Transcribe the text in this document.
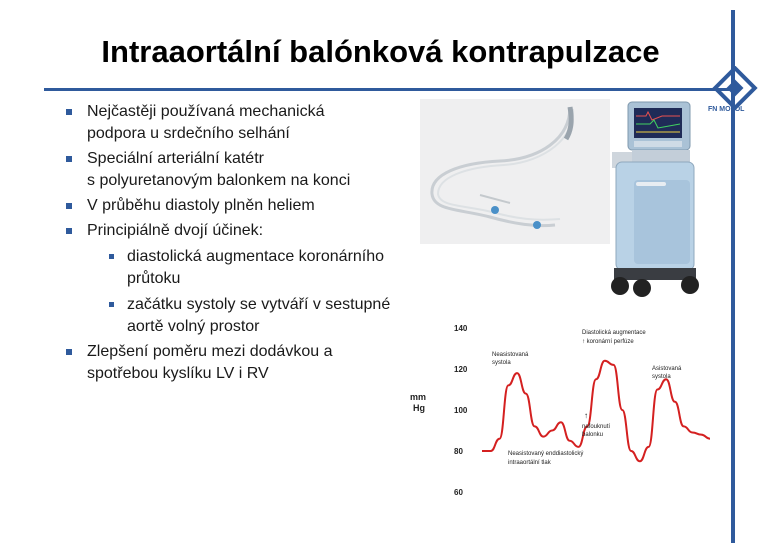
Intraaortální balónková kontrapulzace
FN MOTOL
Nejčastěji používaná mechanická
podpora u srdečního selhání
Speciální arteriální katétr
s polyuretanovým balonkem na konci
V průběhu diastoly plněn heliem
Principiálně dvojí účinek:
diastolická augmentace koronárního
průtoku
začátku systoly se vytváří v sestupné
aortě volný prostor
Zlepšení poměru mezi dodávkou a
spotřebou kyslíku LV i RV
140
120
100
80
60
mm
Hg
Neasistovaná
systola
Diastolická augmentace
↑ koronární perfúze
Asistovaná
systola
↑
nafouknutí
balonku
Neasistovaný enddiastolický
intraaortální tlak
